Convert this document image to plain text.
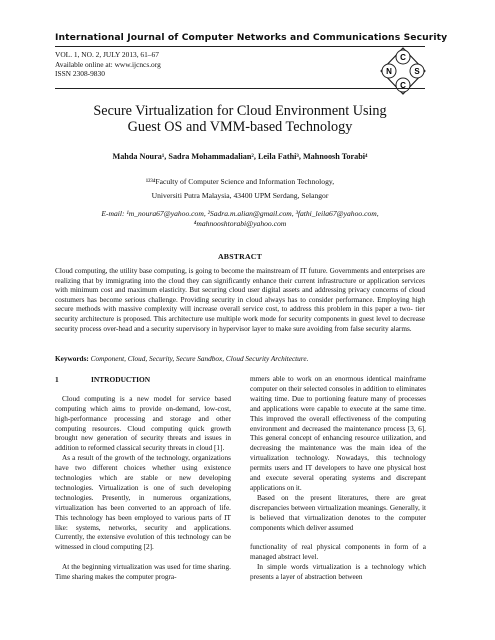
International Journal of Computer Networks and Communications Security
VOL. 1, NO. 2, JULY 2013, 61–67
Available online at: www.ijcncs.org
ISSN 2308-9830
C
N	S
C
Secure Virtualization for Cloud Environment Using
Guest OS and VMM-based Technology
Mahda Noura¹, Sadra Mohammadalian², Leila Fathi³, Mahnoosh Torabi⁴
¹²³⁴Faculty of Computer Science and Information Technology,
Universiti Putra Malaysia, 43400 UPM Serdang, Selangor
E-mail: ¹m_noura67@yahoo.com, ²Sadra.m.alian@gmail.com, ³fathi_leila67@yahoo.com,
⁴mahnooshtorabi@yahoo.com
ABSTRACT
Cloud computing, the utility base computing, is going to become the mainstream of IT future. Governments and enterprises are realizing that by immigrating into the cloud they can significantly enhance their current infrastructure or application services with minimum cost and maximum elasticity. But securing cloud user digital assets and addressing privacy concerns of cloud costumers has become serious challenge. Providing security in cloud always has to consider performance. Employing high secure methods with massive complexity will increase overall service cost, to address this problem in this paper a two- tier security architecture is proposed. This architecture use multiple work mode for security components in guest level to decrease security process over-head and a security supervisory in hypervisor layer to make sure avoiding from false security alarms.
Keywords: Component, Cloud, Security, Secure Sandbox, Cloud Security Architecture.
1	INTRODUCTION

Cloud computing is a new model for service based computing which aims to provide on-demand, low-cost, high-performance processing and storage and other computing resources. Cloud computing quick growth brought new generation of security threats and issues in addition to reformed classical security threats in cloud [1].

As a result of the growth of the technology, organizations have two different choices whether using existence technologies which are stable or new developing technologies. Virtualization is one of such developing technologies. Presently, in numerous organizations, virtualization has been converted to an approach of life. This technology has been employed to various parts of IT like: systems, networks, security and applications. Currently, the extensive evolution of this technology can be witnessed in cloud computing [2].

At the beginning virtualization was used for time sharing. Time sharing makes the computer progra-

mmers able to work on an enormous identical mainframe computer on their selected consoles in addition to eliminates waiting time. Due to portioning feature many of processes and applications were capable to execute at the same time. This improved the overall effectiveness of the computing environment and decreased the maintenance process [3, 6]. This general concept of enhancing resource utilization, and decreasing the maintenance was the main idea of the virtualization technology. Nowadays, this technology permits users and IT developers to have one physical host and execute several operating systems and discrepant applications on it.

Based on the present literatures, there are great discrepancies between virtualization meanings. Generally, it is believed that virtualization denotes to the computer components which deliver assumed

functionality of real physical components in form of a managed abstract level.

In simple words virtualization is a technology which presents a layer of abstraction between
